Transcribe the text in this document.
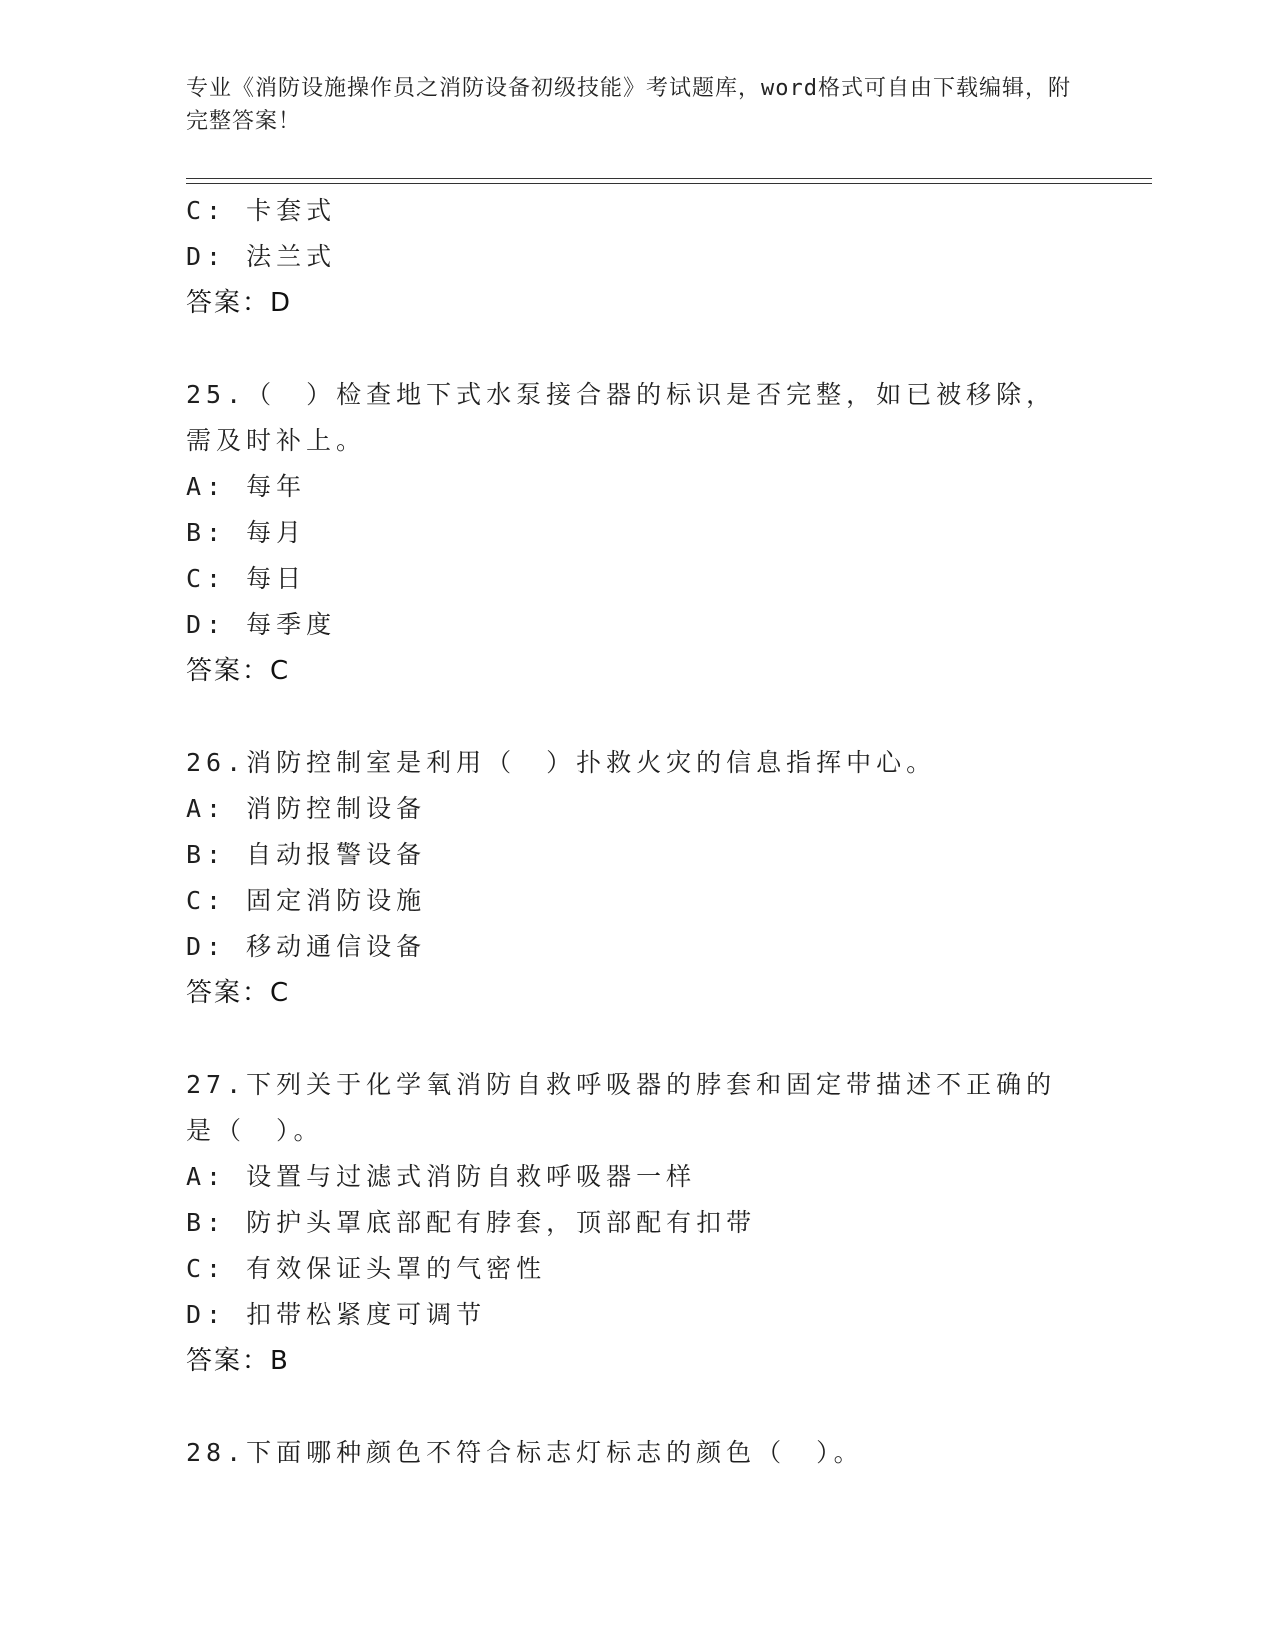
专业《消防设施操作员之消防设备初级技能》考试题库，word格式可自由下载编辑，附完整答案！
C: 卡套式
D: 法兰式
答案：D
25.（　）检查地下式水泵接合器的标识是否完整，如已被移除，需及时补上。
A: 每年
B: 每月
C: 每日
D: 每季度
答案：C
26.消防控制室是利用（　）扑救火灾的信息指挥中心。
A: 消防控制设备
B: 自动报警设备
C: 固定消防设施
D: 移动通信设备
答案：C
27.下列关于化学氧消防自救呼吸器的脖套和固定带描述不正确的是（　）。
A: 设置与过滤式消防自救呼吸器一样
B: 防护头罩底部配有脖套，顶部配有扣带
C: 有效保证头罩的气密性
D: 扣带松紧度可调节
答案：B
28.下面哪种颜色不符合标志灯标志的颜色（　）。
